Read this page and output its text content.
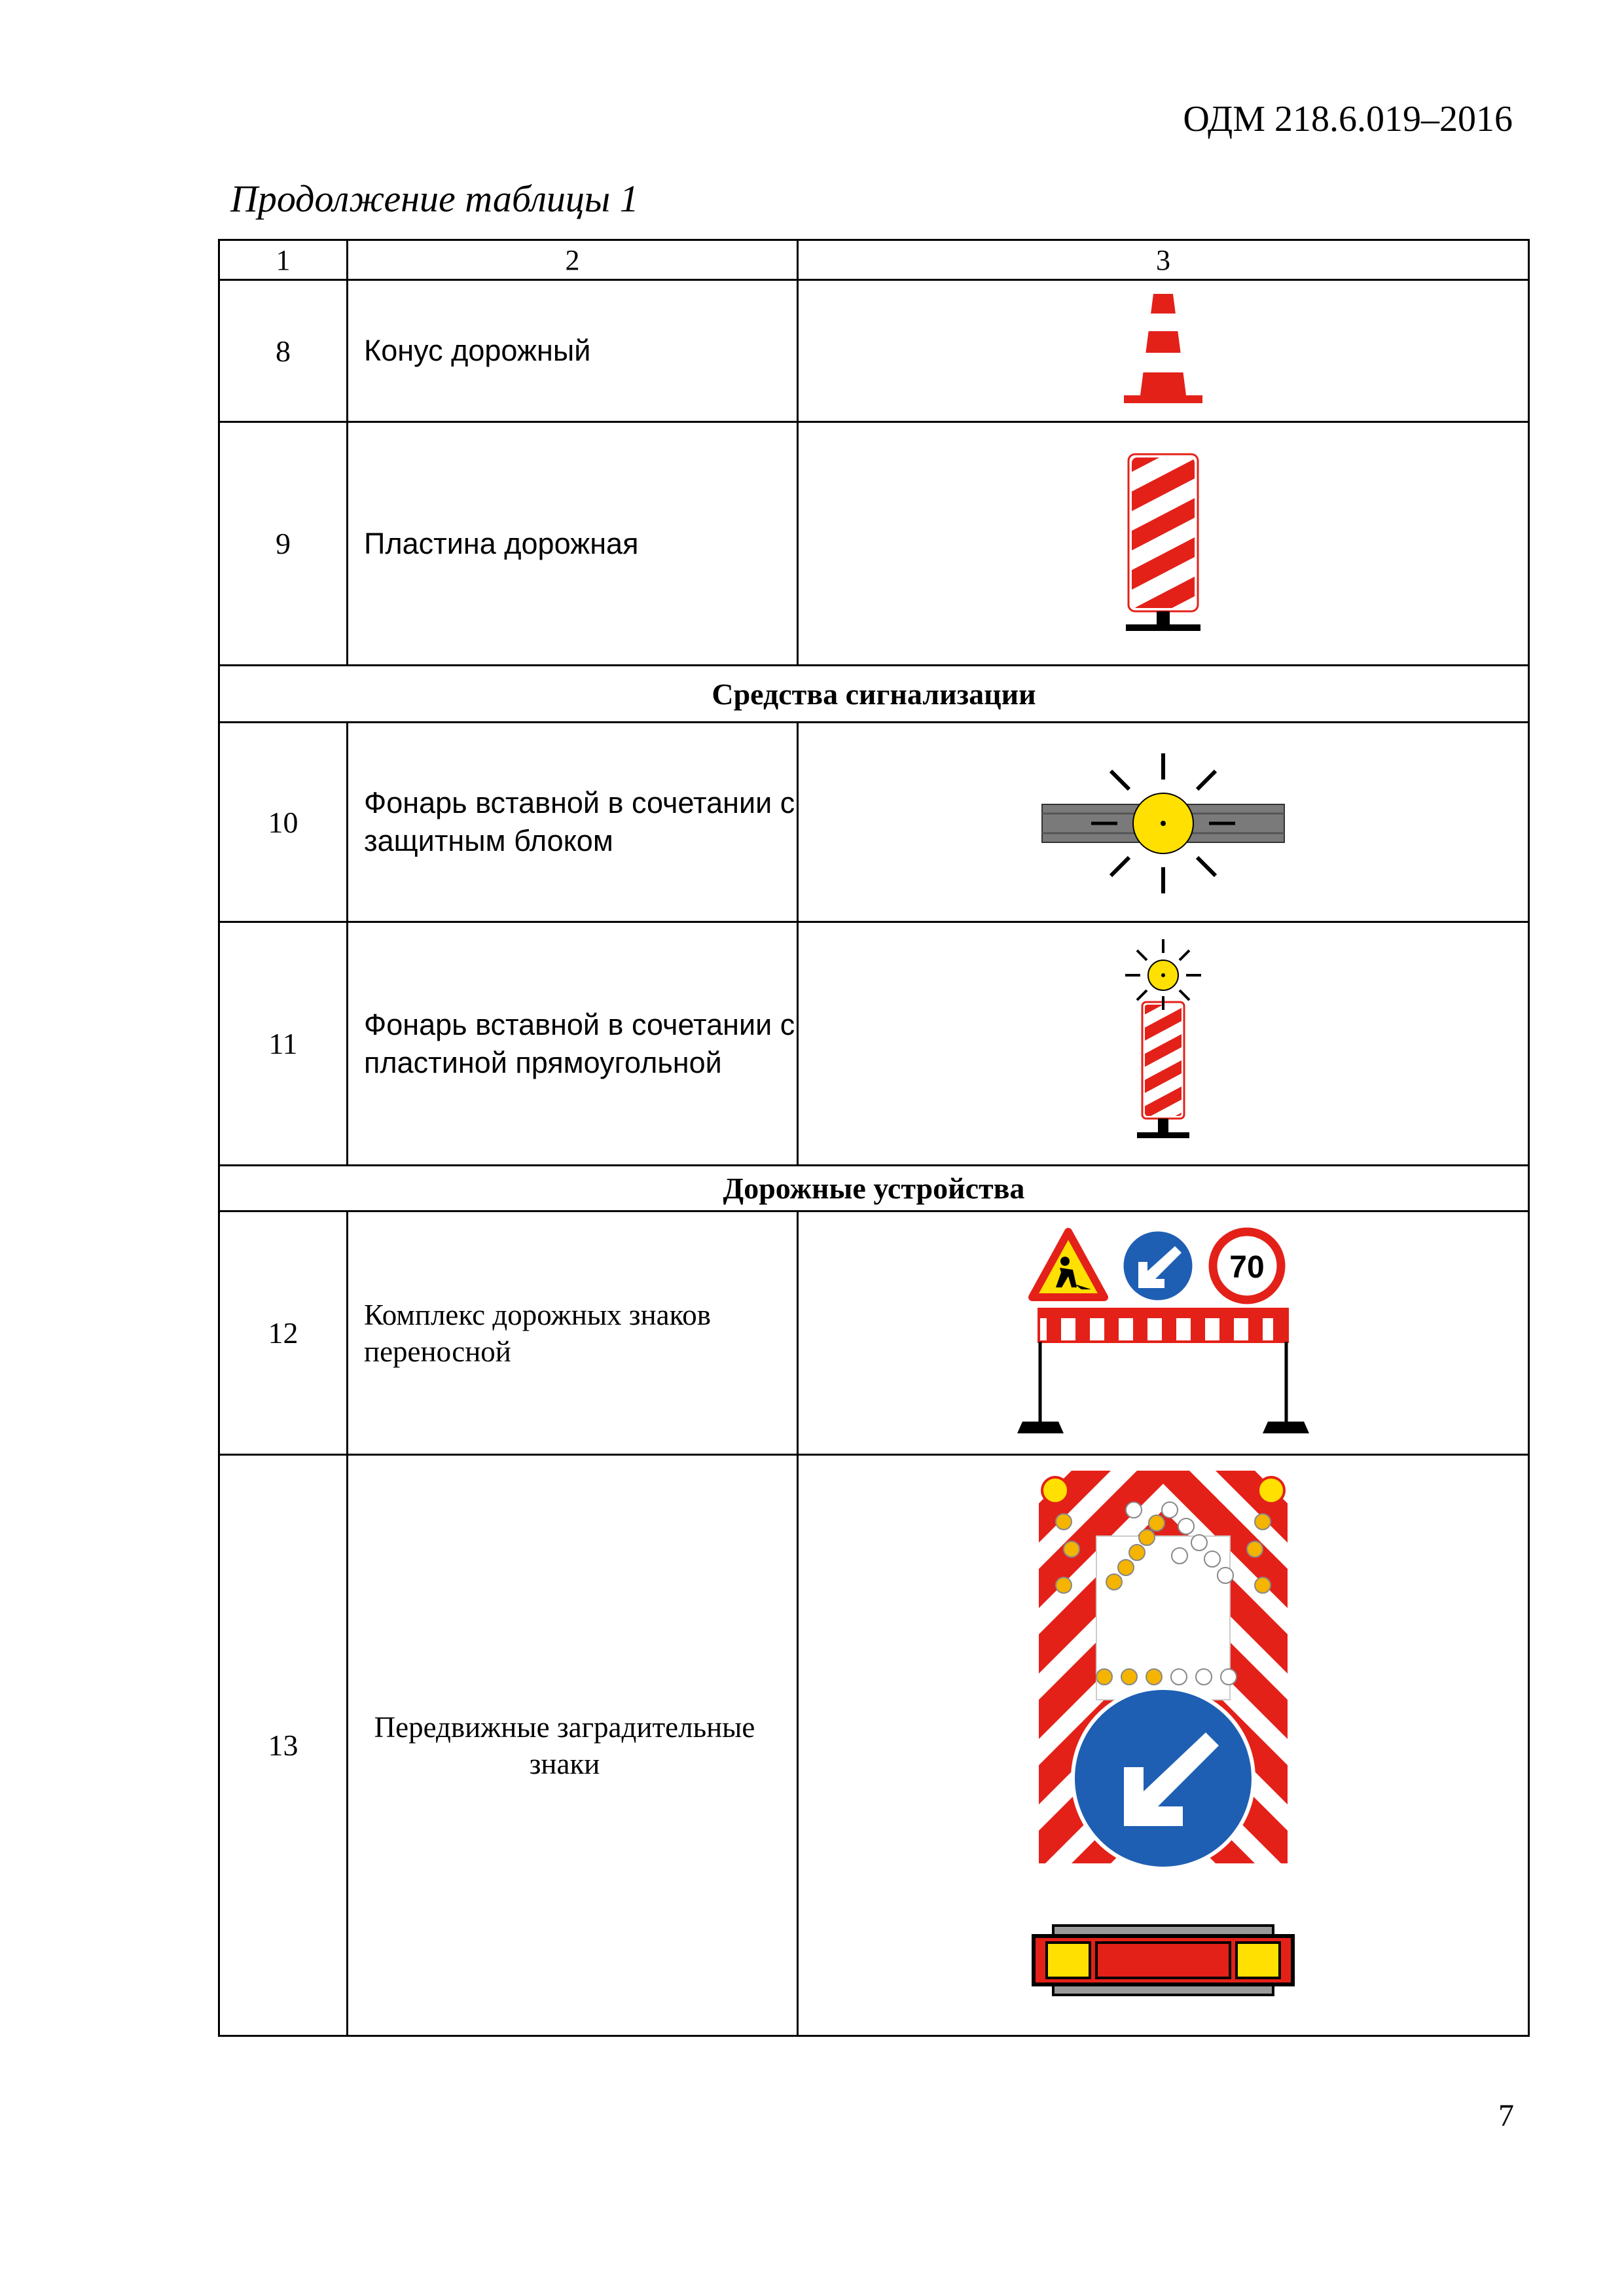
ОДМ 218.6.019–2016
Продолжение таблицы 1
1	2	3
8	Конус дорожный	

9	Пластина дорожная	

Средства сигнализации		
10	Фонарь вставной в сочетании с защитным блоком	

11	Фонарь вставной в сочетании с пластиной прямоугольной	

Дорожные устройства		
12	Комплекс дорожных знаков переносной	70

13	Передвижные заградительные знаки	
7
